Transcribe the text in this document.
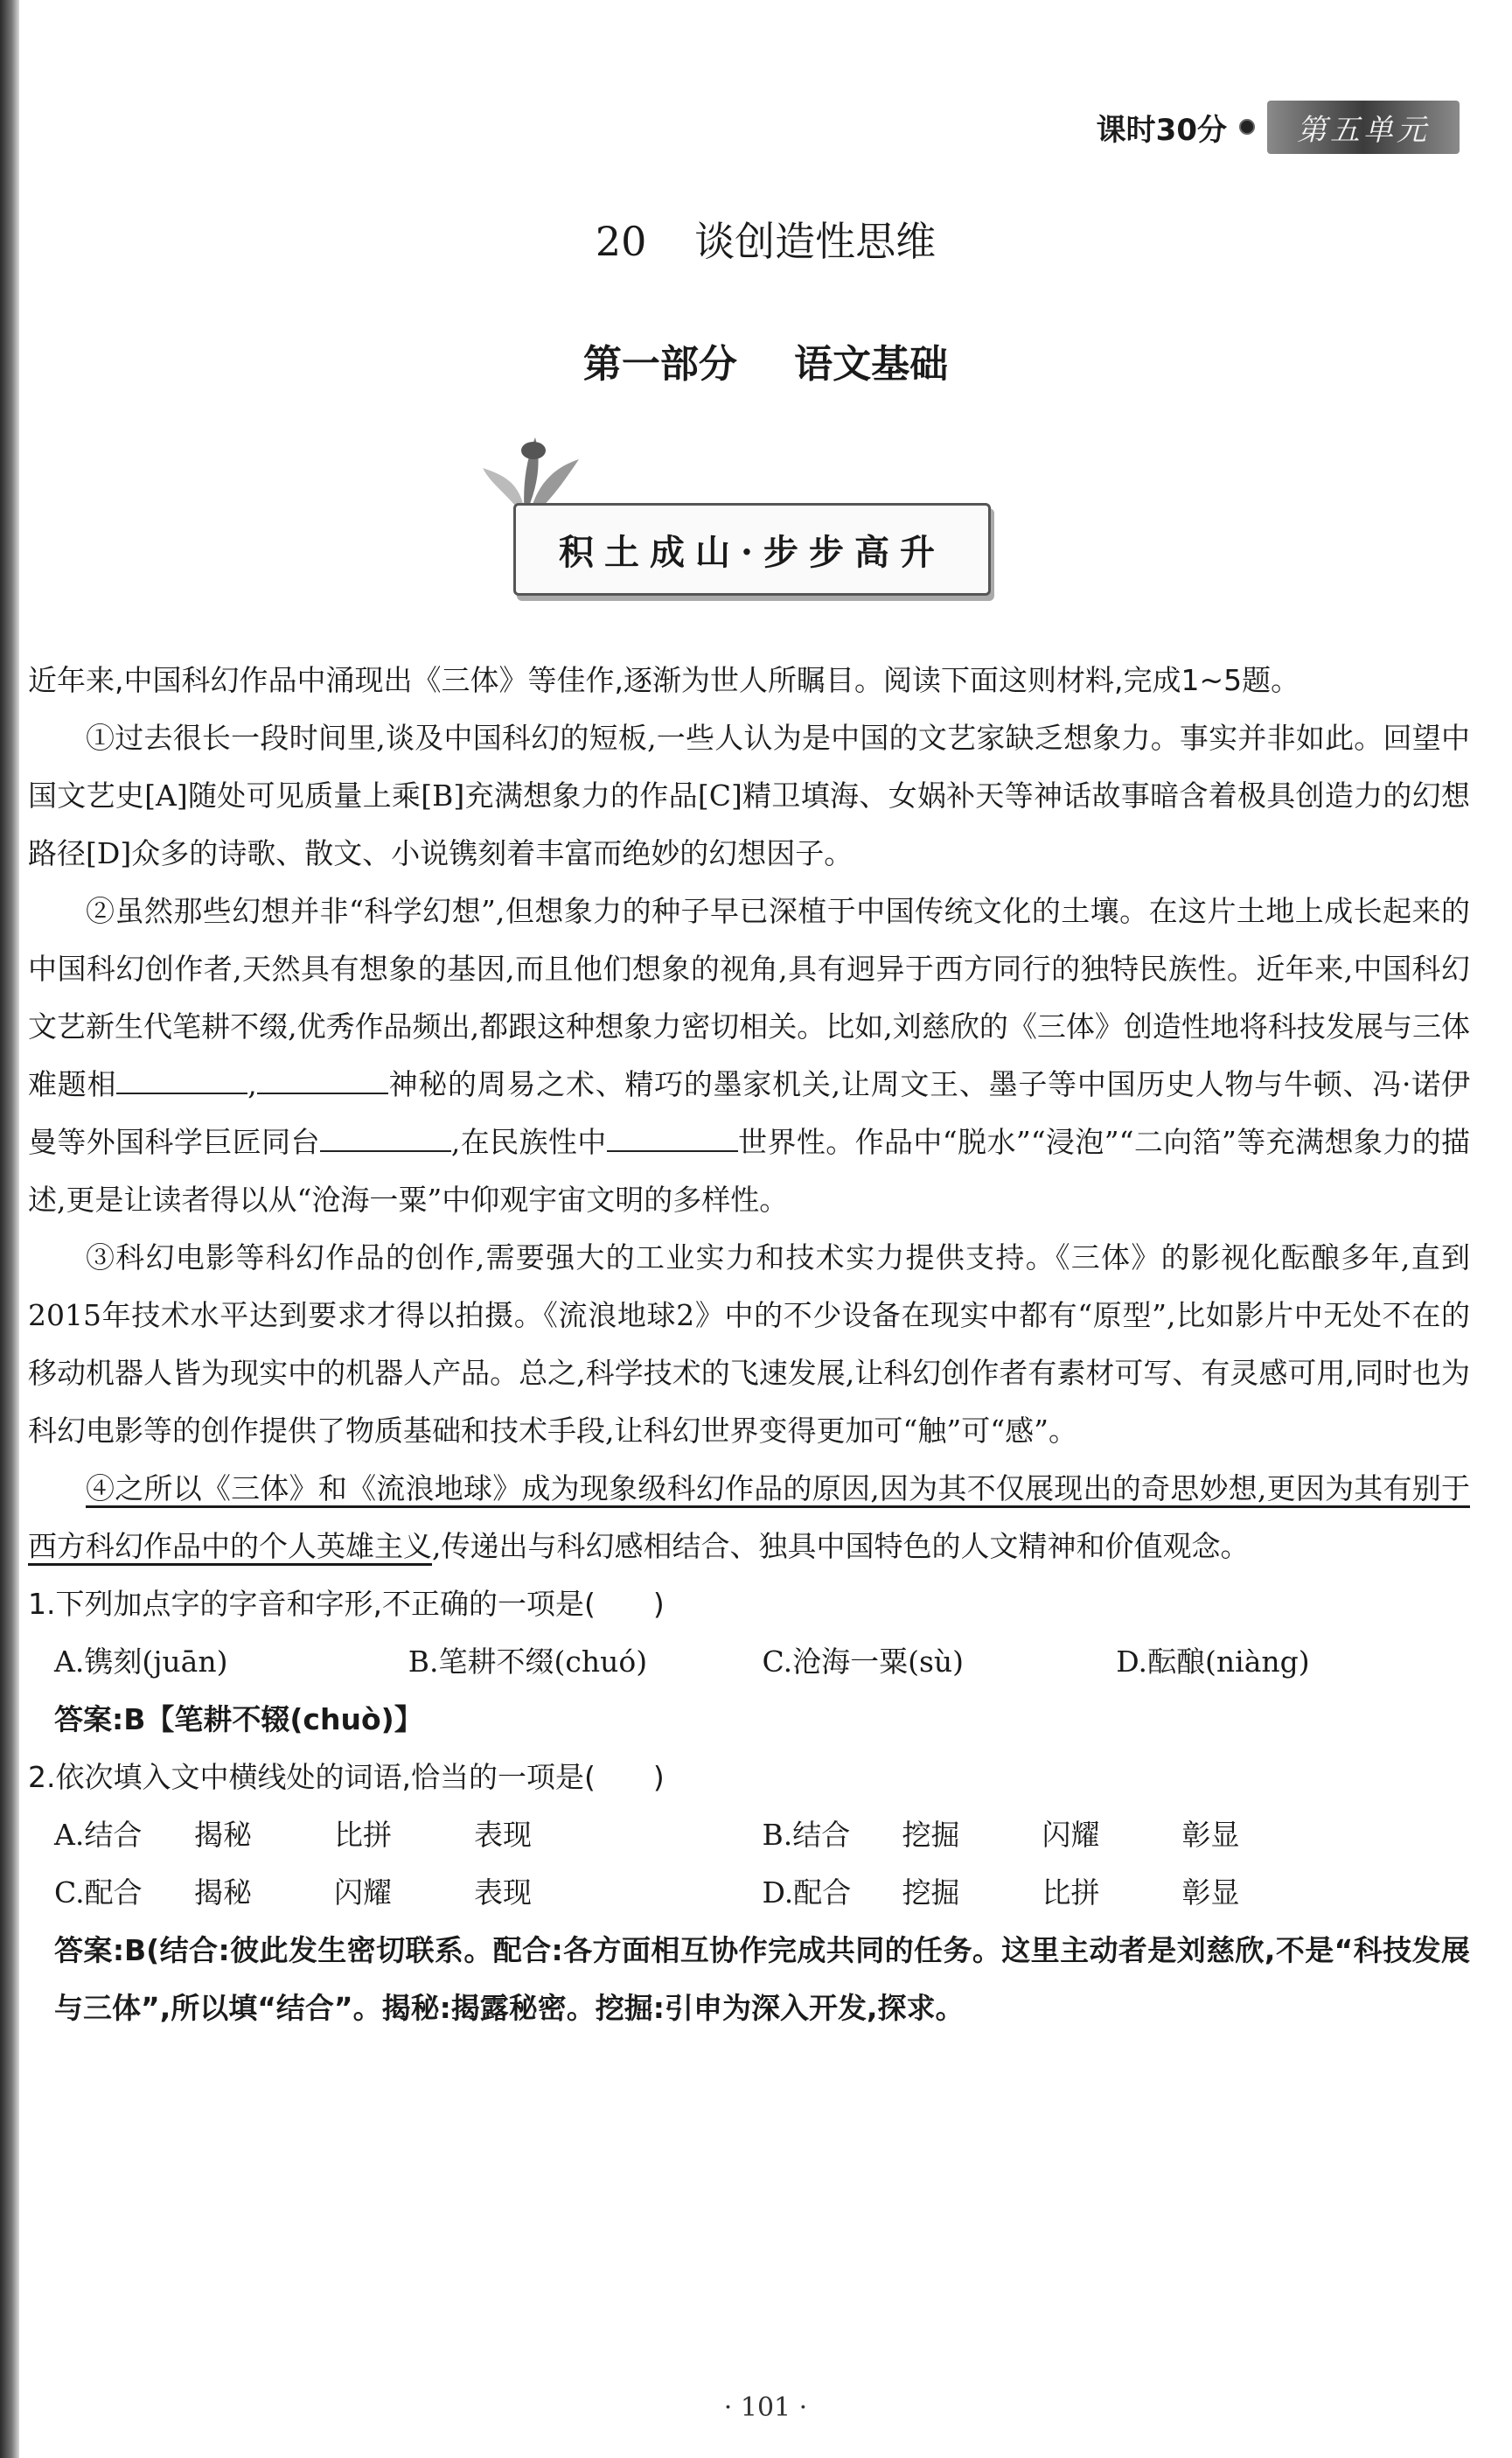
课时30分	第五单元
20 谈创造性思维
第一部分 语文基础
积土成山·步步高升

近年来,中国科幻作品中涌现出《三体》等佳作,逐渐为世人所瞩目。阅读下面这则材料,完成1~5题。

①过去很长一段时间里,谈及中国科幻的短板,一些人认为是中国的文艺家缺乏想象力。事实并非如此。回望中国文艺史[A]随处可见质量上乘[B]充满想象力的作品[C]精卫填海、女娲补天等神话故事暗含着极具创造力的幻想路径[D]众多的诗歌、散文、小说镌刻着丰富而绝妙的幻想因子。

②虽然那些幻想并非“科学幻想”,但想象力的种子早已深植于中国传统文化的土壤。在这片土地上成长起来的中国科幻创作者,天然具有想象的基因,而且他们想象的视角,具有迥异于西方同行的独特民族性。近年来,中国科幻文艺新生代笔耕不缀,优秀作品频出,都跟这种想象力密切相关。比如,刘慈欣的《三体》创造性地将科技发展与三体难题相	,	神秘的周易之术、精巧的墨家机关,让周文王、墨子等中国历史人物与牛顿、冯·诺伊曼等外国科学巨匠同台	,在民族性中	世界性。作品中“脱水”“浸泡”“二向箔”等充满想象力的描述,更是让读者得以从“沧海一粟”中仰观宇宙文明的多样性。

③科幻电影等科幻作品的创作,需要强大的工业实力和技术实力提供支持。《三体》的影视化酝酿多年,直到2015年技术水平达到要求才得以拍摄。《流浪地球2》中的不少设备在现实中都有“原型”,比如影片中无处不在的移动机器人皆为现实中的机器人产品。总之,科学技术的飞速发展,让科幻创作者有素材可写、有灵感可用,同时也为科幻电影等的创作提供了物质基础和技术手段,让科幻世界变得更加可“触”可“感”。

④之所以《三体》和《流浪地球》成为现象级科幻作品的原因,因为其不仅展现出的奇思妙想,更因为其有别于西方科幻作品中的个人英雄主义,传递出与科幻感相结合、独具中国特色的人文精神和价值观念。

1.下列加点字的字音和字形,不正确的一项是(　　)

A.镌刻(juān)	B.笔耕不缀(chuó)	C.沧海一粟(sù)	D.酝酿(niàng)

答案:B【笔耕不辍(chuò)】

2.依次填入文中横线处的词语,恰当的一项是(　　)

A.结合 揭秘	比拼	表现	B.结合 挖掘	闪耀	彰显
C.配合 揭秘	闪耀	表现	D.配合 挖掘	比拼	彰显

答案:B(结合:彼此发生密切联系。配合:各方面相互协作完成共同的任务。这里主动者是刘慈欣,不是“科技发展与三体”,所以填“结合”。揭秘:揭露秘密。挖掘:引申为深入开发,探求。

· 101 ·
